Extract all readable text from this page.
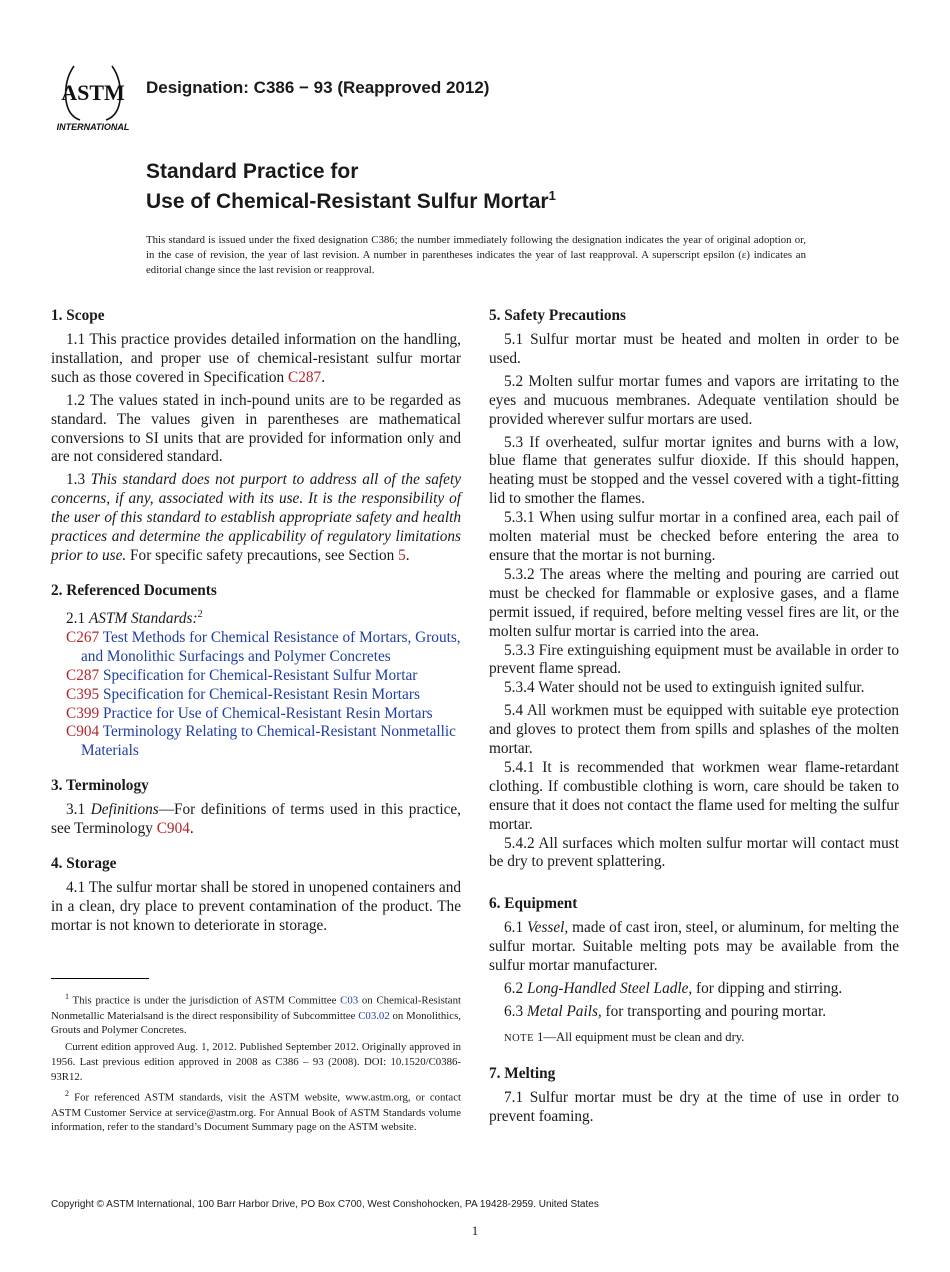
ASTM
INTERNATIONAL
Designation: C386 − 93 (Reapproved 2012)
Standard Practice for
Use of Chemical-Resistant Sulfur Mortar$^1$
This standard is issued under the fixed designation C386; the number immediately following the designation indicates the year of original adoption or, in the case of revision, the year of last revision. A number in parentheses indicates the year of last reapproval. A superscript epsilon (ε) indicates an editorial change since the last revision or reapproval.
1. Scope

1.1 This practice provides detailed information on the handling, installation, and proper use of chemical-resistant sulfur mortar such as those covered in Specification C287.

1.2 The values stated in inch-pound units are to be regarded as standard. The values given in parentheses are mathematical conversions to SI units that are provided for information only and are not considered standard.

1.3 This standard does not purport to address all of the safety concerns, if any, associated with its use. It is the responsibility of the user of this standard to establish appropriate safety and health practices and determine the applicability of regulatory limitations prior to use. For specific safety precautions, see Section 5.

2. Referenced Documents

2.1 ASTM Standards:$^2$

C267 Test Methods for Chemical Resistance of Mortars, Grouts, and Monolithic Surfacings and Polymer Concretes
C287 Specification for Chemical-Resistant Sulfur Mortar
C395 Specification for Chemical-Resistant Resin Mortars
C399 Practice for Use of Chemical-Resistant Resin Mortars
C904 Terminology Relating to Chemical-Resistant Nonmetallic Materials
3. Terminology

3.1 Definitions—For definitions of terms used in this practice, see Terminology C904.

4. Storage

4.1 The sulfur mortar shall be stored in unopened containers and in a clean, dry place to prevent contamination of the product. The mortar is not known to deteriorate in storage.

$^1$ This practice is under the jurisdiction of ASTM Committee C03 on Chemical-Resistant Nonmetallic Materialsand is the direct responsibility of Subcommittee C03.02 on Monolithics, Grouts and Polymer Concretes.

Current edition approved Aug. 1, 2012. Published September 2012. Originally approved in 1956. Last previous edition approved in 2008 as C386 – 93 (2008). DOI: 10.1520/C0386-93R12.

$^2$ For referenced ASTM standards, visit the ASTM website, www.astm.org, or contact ASTM Customer Service at service@astm.org. For Annual Book of ASTM Standards volume information, refer to the standard’s Document Summary page on the ASTM website.

5. Safety Precautions

5.1 Sulfur mortar must be heated and molten in order to be used.

5.2 Molten sulfur mortar fumes and vapors are irritating to the eyes and mucuous membranes. Adequate ventilation should be provided wherever sulfur mortars are used.

5.3 If overheated, sulfur mortar ignites and burns with a low, blue flame that generates sulfur dioxide. If this should happen, heating must be stopped and the vessel covered with a tight-fitting lid to smother the flames.

5.3.1 When using sulfur mortar in a confined area, each pail of molten material must be checked before entering the area to ensure that the mortar is not burning.

5.3.2 The areas where the melting and pouring are carried out must be checked for flammable or explosive gases, and a flame permit issued, if required, before melting vessel fires are lit, or the molten sulfur mortar is carried into the area.

5.3.3 Fire extinguishing equipment must be available in order to prevent flame spread.

5.3.4 Water should not be used to extinguish ignited sulfur.

5.4 All workmen must be equipped with suitable eye protection and gloves to protect them from spills and splashes of the molten mortar.

5.4.1 It is recommended that workmen wear flame-retardant clothing. If combustible clothing is worn, care should be taken to ensure that it does not contact the flame used for melting the sulfur mortar.

5.4.2 All surfaces which molten sulfur mortar will contact must be dry to prevent splattering.

6. Equipment

6.1 Vessel, made of cast iron, steel, or aluminum, for melting the sulfur mortar. Suitable melting pots may be available from the sulfur mortar manufacturer.

6.2 Long-Handled Steel Ladle, for dipping and stirring.

6.3 Metal Pails, for transporting and pouring mortar.

NOTE 1—All equipment must be clean and dry.
7. Melting

7.1 Sulfur mortar must be dry at the time of use in order to prevent foaming.

Copyright © ASTM International, 100 Barr Harbor Drive, PO Box C700, West Conshohocken, PA 19428-2959. United States
1
